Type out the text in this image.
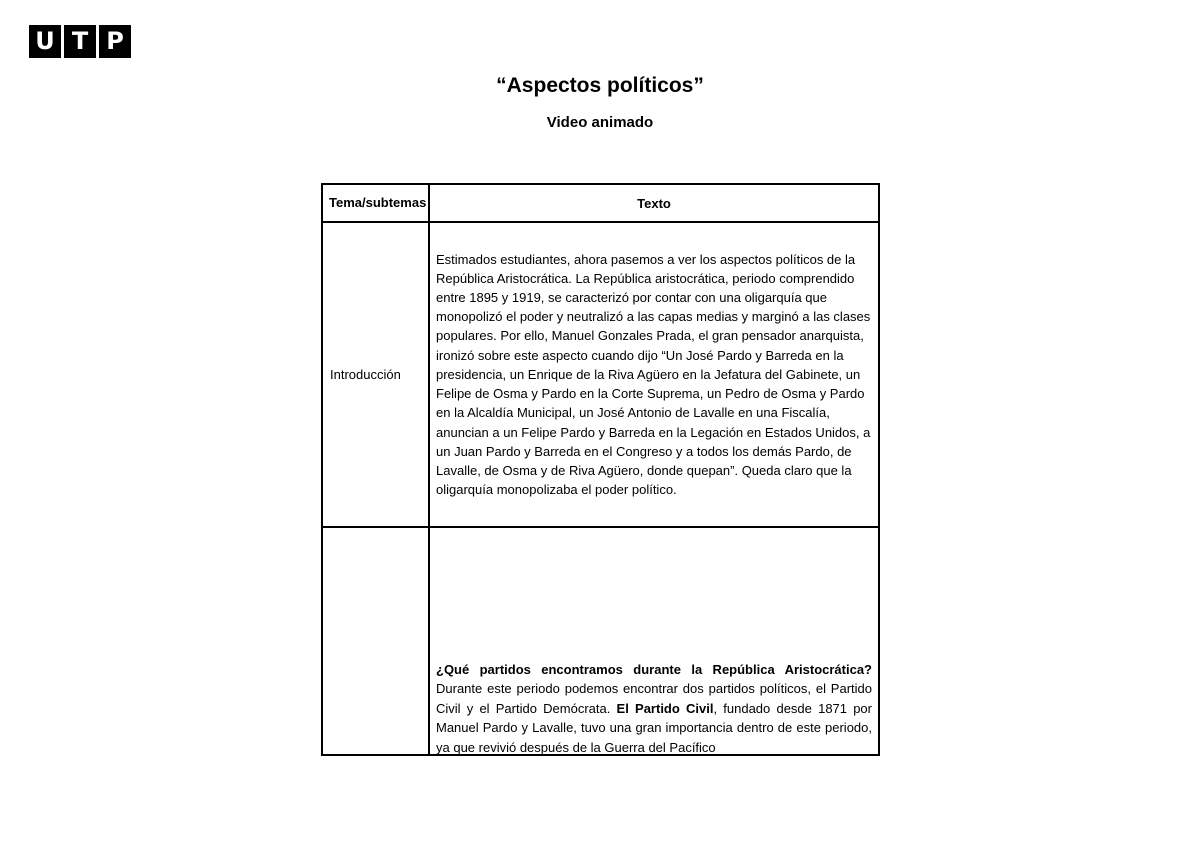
U T P
“Aspectos políticos”
Video animado
Tema/subtemas	Texto
Introducción	Estimados estudiantes, ahora pasemos a ver los aspectos políticos de la República Aristocrática. La República aristocrática, periodo comprendido entre 1895 y 1919, se caracterizó por contar con una oligarquía que monopolizó el poder y neutralizó a las capas medias y marginó a las clases populares. Por ello, Manuel Gonzales Prada, el gran pensador anarquista, ironizó sobre este aspecto cuando dijo “Un José Pardo y Barreda en la presidencia, un Enrique de la Riva Agüero en la Jefatura del Gabinete, un Felipe de Osma y Pardo en la Corte Suprema, un Pedro de Osma y Pardo en la Alcaldía Municipal, un José Antonio de Lavalle en una Fiscalía, anuncian a un Felipe Pardo y Barreda en la Legación en Estados Unidos, a un Juan Pardo y Barreda en el Congreso y a todos los demás Pardo, de Lavalle, de Osma y de Riva Agüero, donde quepan”. Queda claro que la oligarquía monopolizaba el poder político.

	¿Qué partidos encontramos durante la República Aristocrática? Durante este periodo podemos encontrar dos partidos políticos, el Partido Civil y el Partido Demócrata. El Partido Civil, fundado desde 1871 por Manuel Pardo y Lavalle, tuvo una gran importancia dentro de este periodo, ya que revivió después de la Guerra del Pacífico
